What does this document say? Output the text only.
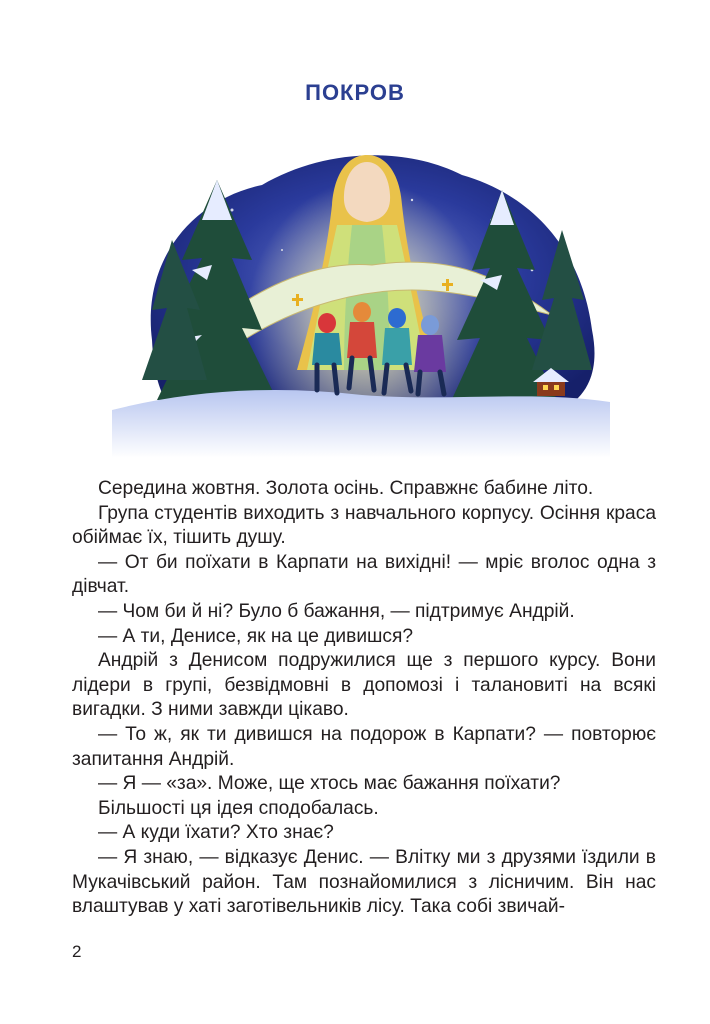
ПОКРОВ

Середина жовтня. Золота осінь. Справжнє бабине літо.

Група студентів виходить з навчального корпусу. Осіння краса обіймає їх, тішить душу.

— От би поїхати в Карпати на вихідні! — мріє вголос одна з дівчат.

— Чом би й ні? Було б бажання, — підтримує Андрій.

— А ти, Денисе, як на це дивишся?

Андрій з Денисом подружилися ще з першого курсу. Вони лідери в групі, безвідмовні в допомозі і талановиті на всякі вигадки. З ними завжди цікаво.

— То ж, як ти дивишся на подорож в Карпати? — повторює запитання Андрій.

— Я — «за». Може, ще хтось має бажання поїхати?

Більшості ця ідея сподобалась.

— А куди їхати? Хто знає?

— Я знаю, — відказує Денис. — Влітку ми з друзями їздили в Мукачівський район. Там познайомилися з лісничим. Він нас влаштував у хаті заготівельників лісу. Така собі звичай-

2
